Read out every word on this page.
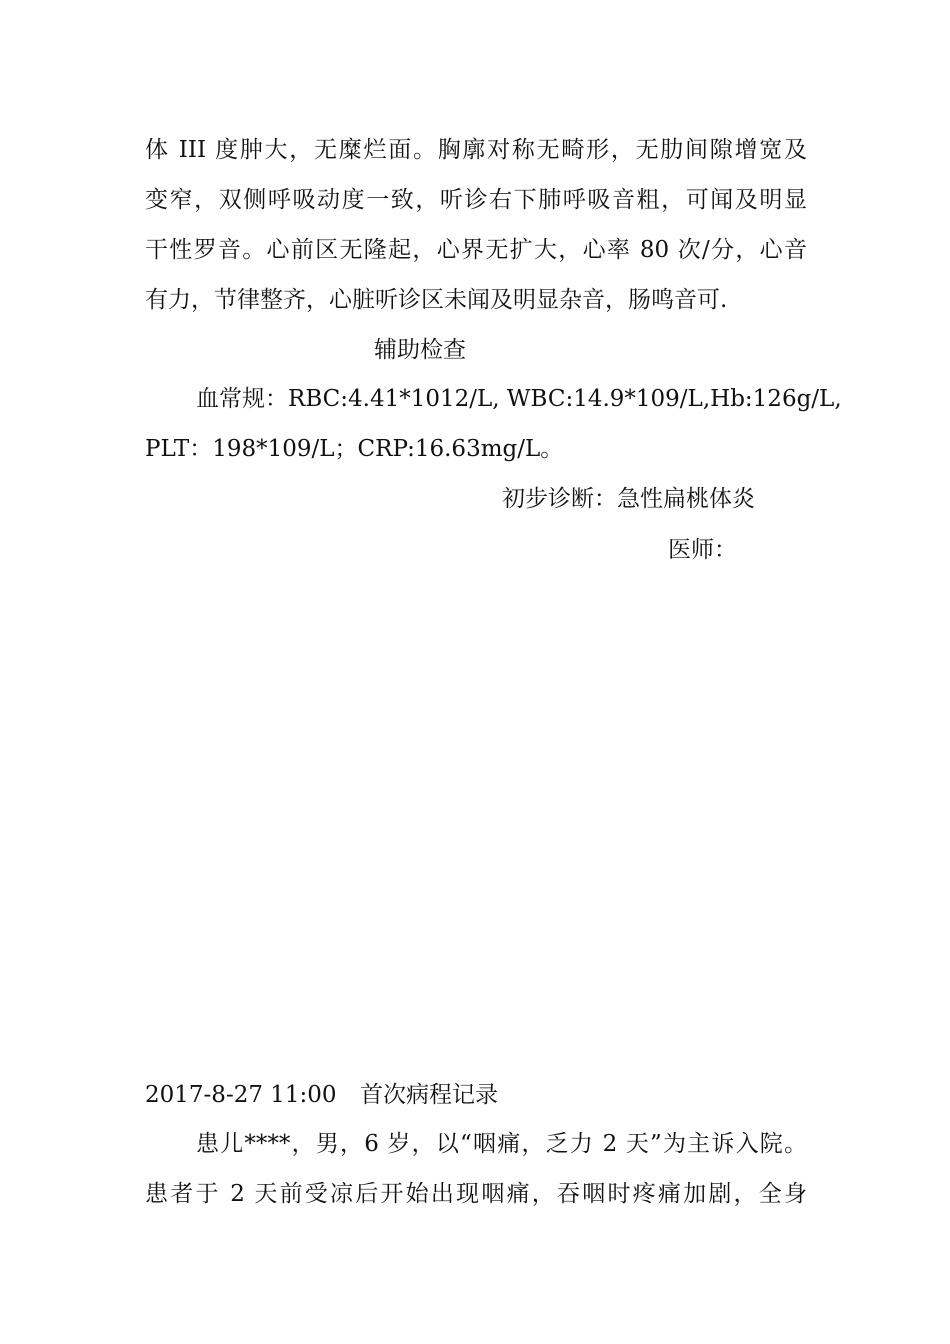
体 III 度肿大，无糜烂面。胸廓对称无畸形，无肋间隙增宽及
变窄，双侧呼吸动度一致，听诊右下肺呼吸音粗，可闻及明显
干性罗音。心前区无隆起，心界无扩大，心率 80 次/分，心音
有力，节律整齐，心脏听诊区未闻及明显杂音，肠鸣音可.
辅助检查
血常规：RBC:4.41*1012/L, WBC:14.9*109/L,Hb:126g/L,
PLT：198*109/L；CRP:16.63mg/L。
初步诊断：急性扁桃体炎
医师：
2017-8-27 11:00 首次病程记录
患儿****，男，6 岁，以“咽痛，乏力 2 天”为主诉入院。
患者于 2 天前受凉后开始出现咽痛，吞咽时疼痛加剧，全身
